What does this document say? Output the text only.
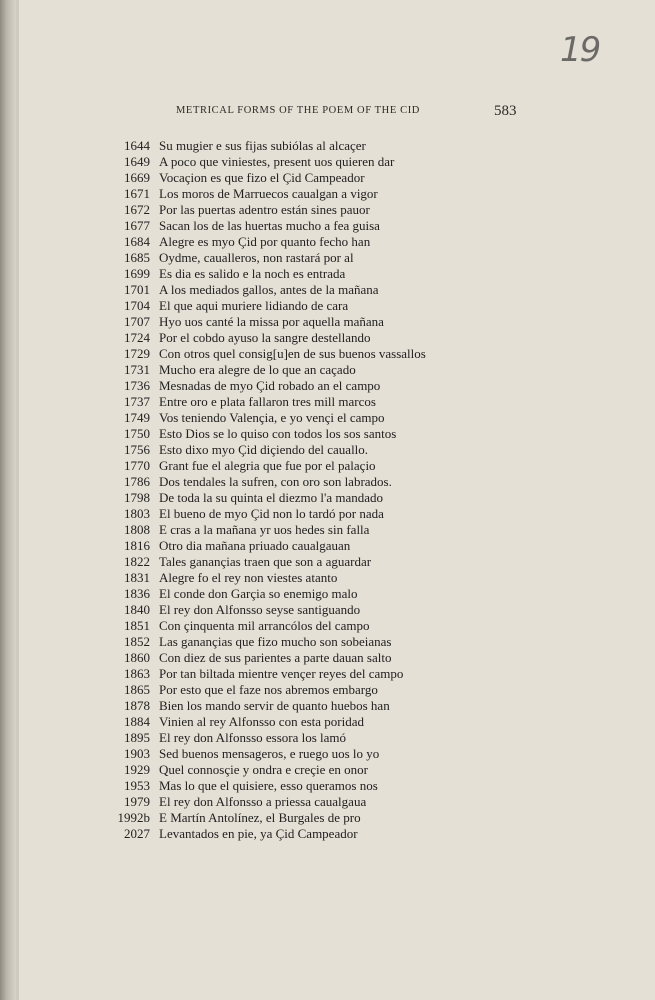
19
METRICAL FORMS OF THE POEM OF THE CID	583
1644 Su mugier e sus fijas subiólas al alcaçer
1649 A poco que viniestes, present uos quieren dar
1669 Vocaçion es que fizo el Çid Campeador
1671 Los moros de Marruecos caualgan a vigor
1672 Por las puertas adentro están sines pauor
1677 Sacan los de las huertas mucho a fea guisa
1684 Alegre es myo Çid por quanto fecho han
1685 Oydme, caualleros, non rastará por al
1699 Es dia es salido e la noch es entrada
1701 A los mediados gallos, antes de la mañana
1704 El que aqui muriere lidiando de cara
1707 Hyo uos canté la missa por aquella mañana
1724 Por el cobdo ayuso la sangre destellando
1729 Con otros quel consig[u]en de sus buenos vassallos
1731 Mucho era alegre de lo que an caçado
1736 Mesnadas de myo Çid robado an el campo
1737 Entre oro e plata fallaron tres mill marcos
1749 Vos teniendo Valençia, e yo vençi el campo
1750 Esto Dios se lo quiso con todos los sos santos
1756 Esto dixo myo Çid diçiendo del cauallo.
1770 Grant fue el alegria que fue por el palaçio
1786 Dos tendales la sufren, con oro son labrados.
1798 De toda la su quinta el diezmo l'a mandado
1803 El bueno de myo Çid non lo tardó por nada
1808 E cras a la mañana yr uos hedes sin falla
1816 Otro dia mañana priuado caualgauan
1822 Tales ganançias traen que son a aguardar
1831 Alegre fo el rey non viestes atanto
1836 El conde don Garçia so enemigo malo
1840 El rey don Alfonsso seyse santiguando
1851 Con çinquenta mil arrancólos del campo
1852 Las ganançias que fizo mucho son sobeianas
1860 Con diez de sus parientes a parte dauan salto
1863 Por tan biltada mientre vençer reyes del campo
1865 Por esto que el faze nos abremos embargo
1878 Bien los mando servir de quanto huebos han
1884 Vinien al rey Alfonsso con esta poridad
1895 El rey don Alfonsso essora los lamó
1903 Sed buenos mensageros, e ruego uos lo yo
1929 Quel connosçie y ondra e creçie en onor
1953 Mas lo que el quisiere, esso queramos nos
1979 El rey don Alfonsso a priessa caualgaua
1992b E Martín Antolínez, el Burgales de pro
2027 Levantados en pie, ya Çid Campeador
